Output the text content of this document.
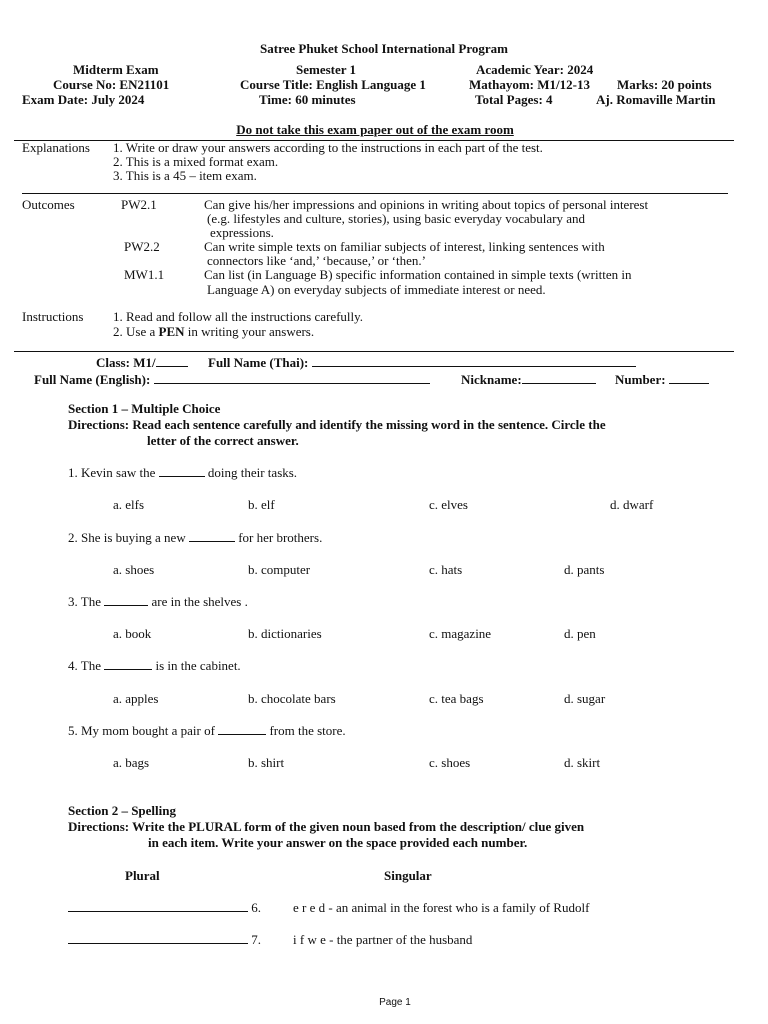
Satree Phuket School International Program
Midterm Exam	Semester 1	Academic Year: 2024
Course No: EN21101	Course Title: English Language 1	Mathayom: M1/12-13 Marks: 20 points
Exam Date: July 2024	Time: 60 minutes	Total Pages: 4	Aj. Romaville Martin
Do not take this exam paper out of the exam room
Explanations 1. Write or draw your answers according to the instructions in each part of the test.
2. This is a mixed format exam.
3. This is a 45 – item exam.
Outcomes	PW2.1	Can give his/her impressions and opinions in writing about topics of personal interest
(e.g. lifestyles and culture, stories), using basic everyday vocabulary and
expressions.
PW2.2	Can write simple texts on familiar subjects of interest, linking sentences with
connectors like ‘and,’ ‘because,’ or ‘then.’
MW1.1	Can list (in Language B) specific information contained in simple texts (written in
Language A) on everyday subjects of immediate interest or need.
Instructions 1. Read and follow all the instructions carefully.
2. Use a PEN in writing your answers.
Class: M1/	Full Name (Thai):
Full Name (English):	Nickname:	Number:
Section 1 – Multiple Choice
Directions: Read each sentence carefully and identify the missing word in the sentence. Circle the
letter of the correct answer.
1. Kevin saw the	doing their tasks.
a. elfs	b. elf	c. elves	d. dwarf
2. She is buying a new	for her brothers.
a. shoes	b. computer	c. hats	d. pants
3. The	are in the shelves .
a. book	b. dictionaries	c. magazine	d. pen
4. The	is in the cabinet.
a. apples	b. chocolate bars	c. tea bags	d. sugar
5. My mom bought a pair of	from the store.
a. bags	b. shirt	c. shoes	d. skirt
Section 2 – Spelling
Directions: Write the PLURAL form of the given noun based from the description/ clue given
in each item. Write your answer on the space provided each number.
Plural	Singular
6. e r e d - an animal in the forest who is a family of Rudolf
7. i f w e - the partner of the husband
Page 1
